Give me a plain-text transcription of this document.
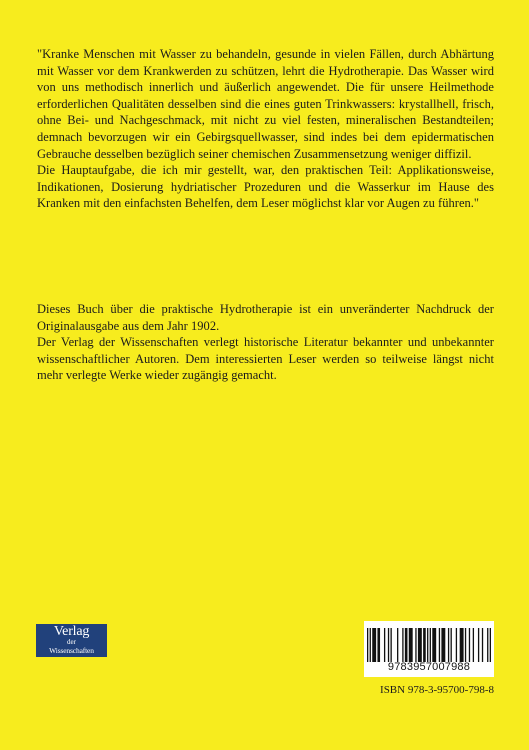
"Kranke Menschen mit Wasser zu behandeln, gesunde in vielen Fällen, durch Abhärtung mit Wasser vor dem Krankwerden zu schützen, lehrt die Hydrotherapie. Das Wasser wird von uns methodisch innerlich und äußerlich angewendet. Die für unsere Heilmethode erforderlichen Qualitäten desselben sind die eines guten Trinkwassers: krystallhell, frisch, ohne Bei- und Nachgeschmack, mit nicht zu viel festen, mineralischen Bestandteilen; demnach bevorzugen wir ein Gebirgsquellwasser, sind indes bei dem epidermatischen Gebrauche desselben bezüglich seiner chemischen Zusammensetzung weniger diffizil.

Die Hauptaufgabe, die ich mir gestellt, war, den praktischen Teil: Applikationsweise, Indikationen, Dosierung hydriatischer Prozeduren und die Wasserkur im Hause des Kranken mit den einfachsten Behelfen, dem Leser möglichst klar vor Augen zu führen."

Dieses Buch über die praktische Hydrotherapie ist ein unveränderter Nachdruck der Originalausgabe aus dem Jahr 1902.

Der Verlag der Wissenschaften verlegt historische Literatur bekannter und unbekannter wissenschaftlicher Autoren. Dem interessierten Leser werden so teilweise längst nicht mehr verlegte Werke wieder zugängig gemacht.

Verlag
der
Wissenschaften
9783957007988
ISBN 978-3-95700-798-8
